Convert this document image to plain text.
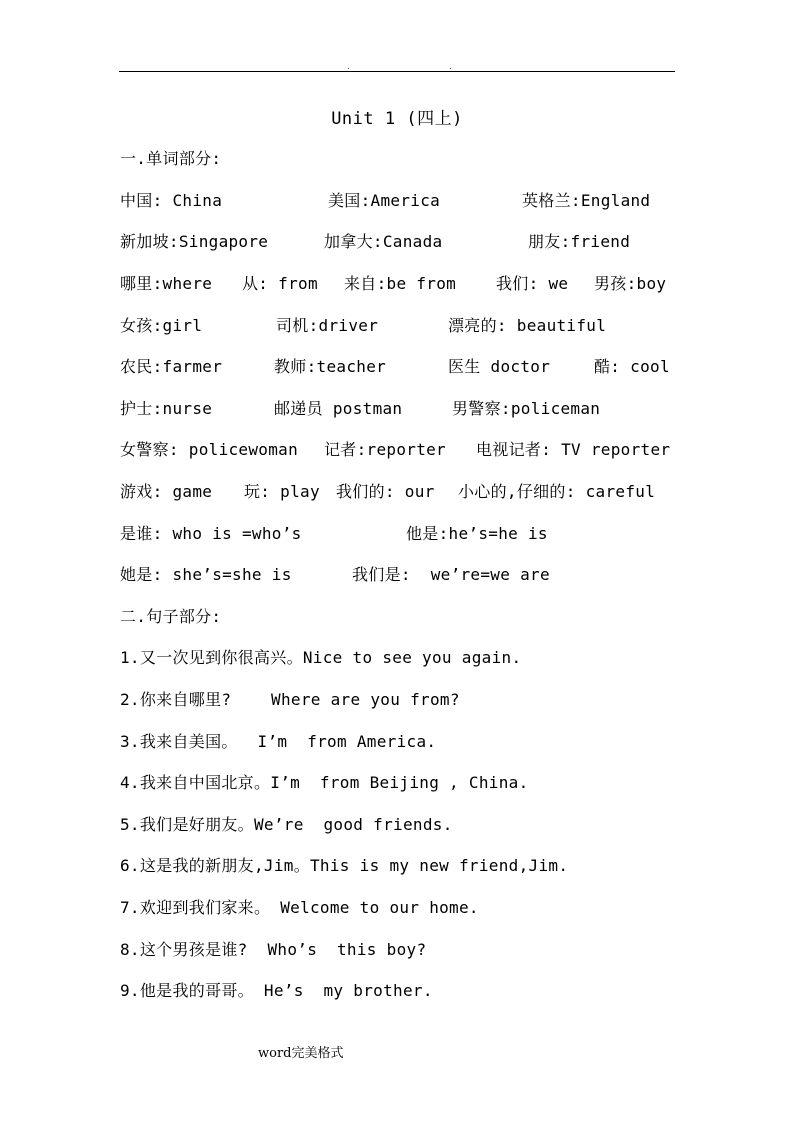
.	.
Unit 1 (四上)
一.单词部分:

中国: China

	美国:America

	英格兰:England

新加坡:Singapore

	加拿大:Canada

	朋友:friend

哪里:where

从: from

来自:be from

我们: we

男孩:boy

女孩:girl

	司机:driver

	漂亮的: beautiful

农民:farmer

	教师:teacher

	医生 doctor

	酷: cool

护士:nurse

	邮递员 postman

	男警察:policeman

女警察: policewoman

记者:reporter

电视记者: TV reporter

游戏: game

玩: play

我们的: our

小心的,仔细的: careful

是谁: who is =who’s

	他是:he’s=he is

她是: she’s=she is

	我们是:  we’re=we are

二.句子部分:
1.又一次见到你很高兴。Nice to see you again.
2.你来自哪里?    Where are you from?
3.我来自美国。  I’m  from America.
4.我来自中国北京。I’m  from Beijing , China.
5.我们是好朋友。We’re  good friends.
6.这是我的新朋友,Jim。This is my new friend,Jim.
7.欢迎到我们家来。 Welcome to our home.
8.这个男孩是谁?  Who’s  this boy?
9.他是我的哥哥。 He’s  my brother.
word完美格式
